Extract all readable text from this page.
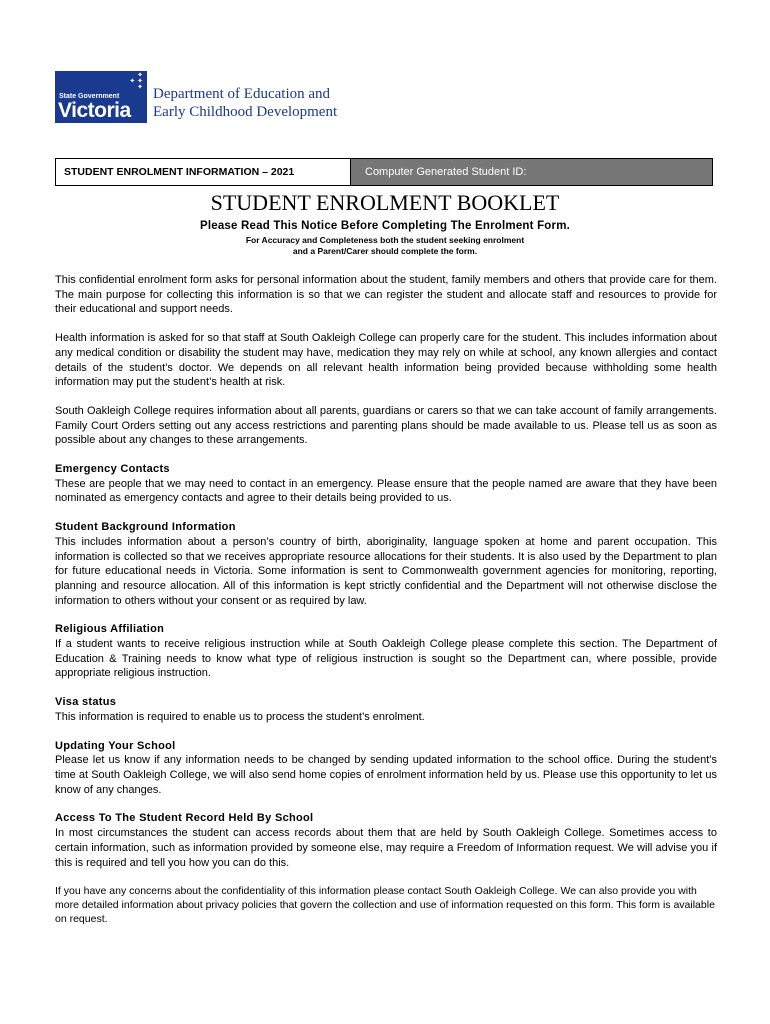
✦
✦ ✦
✦
State Government
Victoria
Department of Education and
Early Childhood Development
STUDENT ENROLMENT INFORMATION – 2021	Computer Generated Student ID:
STUDENT ENROLMENT BOOKLET
Please Read This Notice Before Completing The Enrolment Form.
For Accuracy and Completeness both the student seeking enrolment
and a Parent/Carer should complete the form.

This confidential enrolment form asks for personal information about the student, family members and others that provide care for them. The main purpose for collecting this information is so that we can register the student and allocate staff and resources to provide for their educational and support needs.

Health information is asked for so that staff at South Oakleigh College can properly care for the student. This includes information about any medical condition or disability the student may have, medication they may rely on while at school, any known allergies and contact details of the student’s doctor. We depends on all relevant health information being provided because withholding some health information may put the student’s health at risk.

South Oakleigh College requires information about all parents, guardians or carers so that we can take account of family arrangements. Family Court Orders setting out any access restrictions and parenting plans should be made available to us. Please tell us as soon as possible about any changes to these arrangements.

Emergency Contacts

These are people that we may need to contact in an emergency. Please ensure that the people named are aware that they have been nominated as emergency contacts and agree to their details being provided to us.

Student Background Information

This includes information about a person’s country of birth, aboriginality, language spoken at home and parent occupation. This information is collected so that we receives appropriate resource allocations for their students. It is also used by the Department to plan for future educational needs in Victoria. Some information is sent to Commonwealth government agencies for monitoring, reporting, planning and resource allocation. All of this information is kept strictly confidential and the Department will not otherwise disclose the information to others without your consent or as required by law.

Religious Affiliation

If a student wants to receive religious instruction while at South Oakleigh College please complete this section. The Department of Education & Training needs to know what type of religious instruction is sought so the Department can, where possible, provide appropriate religious instruction.

Visa status

This information is required to enable us to process the student’s enrolment.

Updating Your School

Please let us know if any information needs to be changed by sending updated information to the school office. During the student’s time at South Oakleigh College, we will also send home copies of enrolment information held by us. Please use this opportunity to let us know of any changes.

Access To The Student Record Held By School

In most circumstances the student can access records about them that are held by South Oakleigh College. Sometimes access to certain information, such as information provided by someone else, may require a Freedom of Information request. We will advise you if this is required and tell you how you can do this.

If you have any concerns about the confidentiality of this information please contact South Oakleigh College. We can also provide you with more detailed information about privacy policies that govern the collection and use of information requested on this form. This form is available on request.
